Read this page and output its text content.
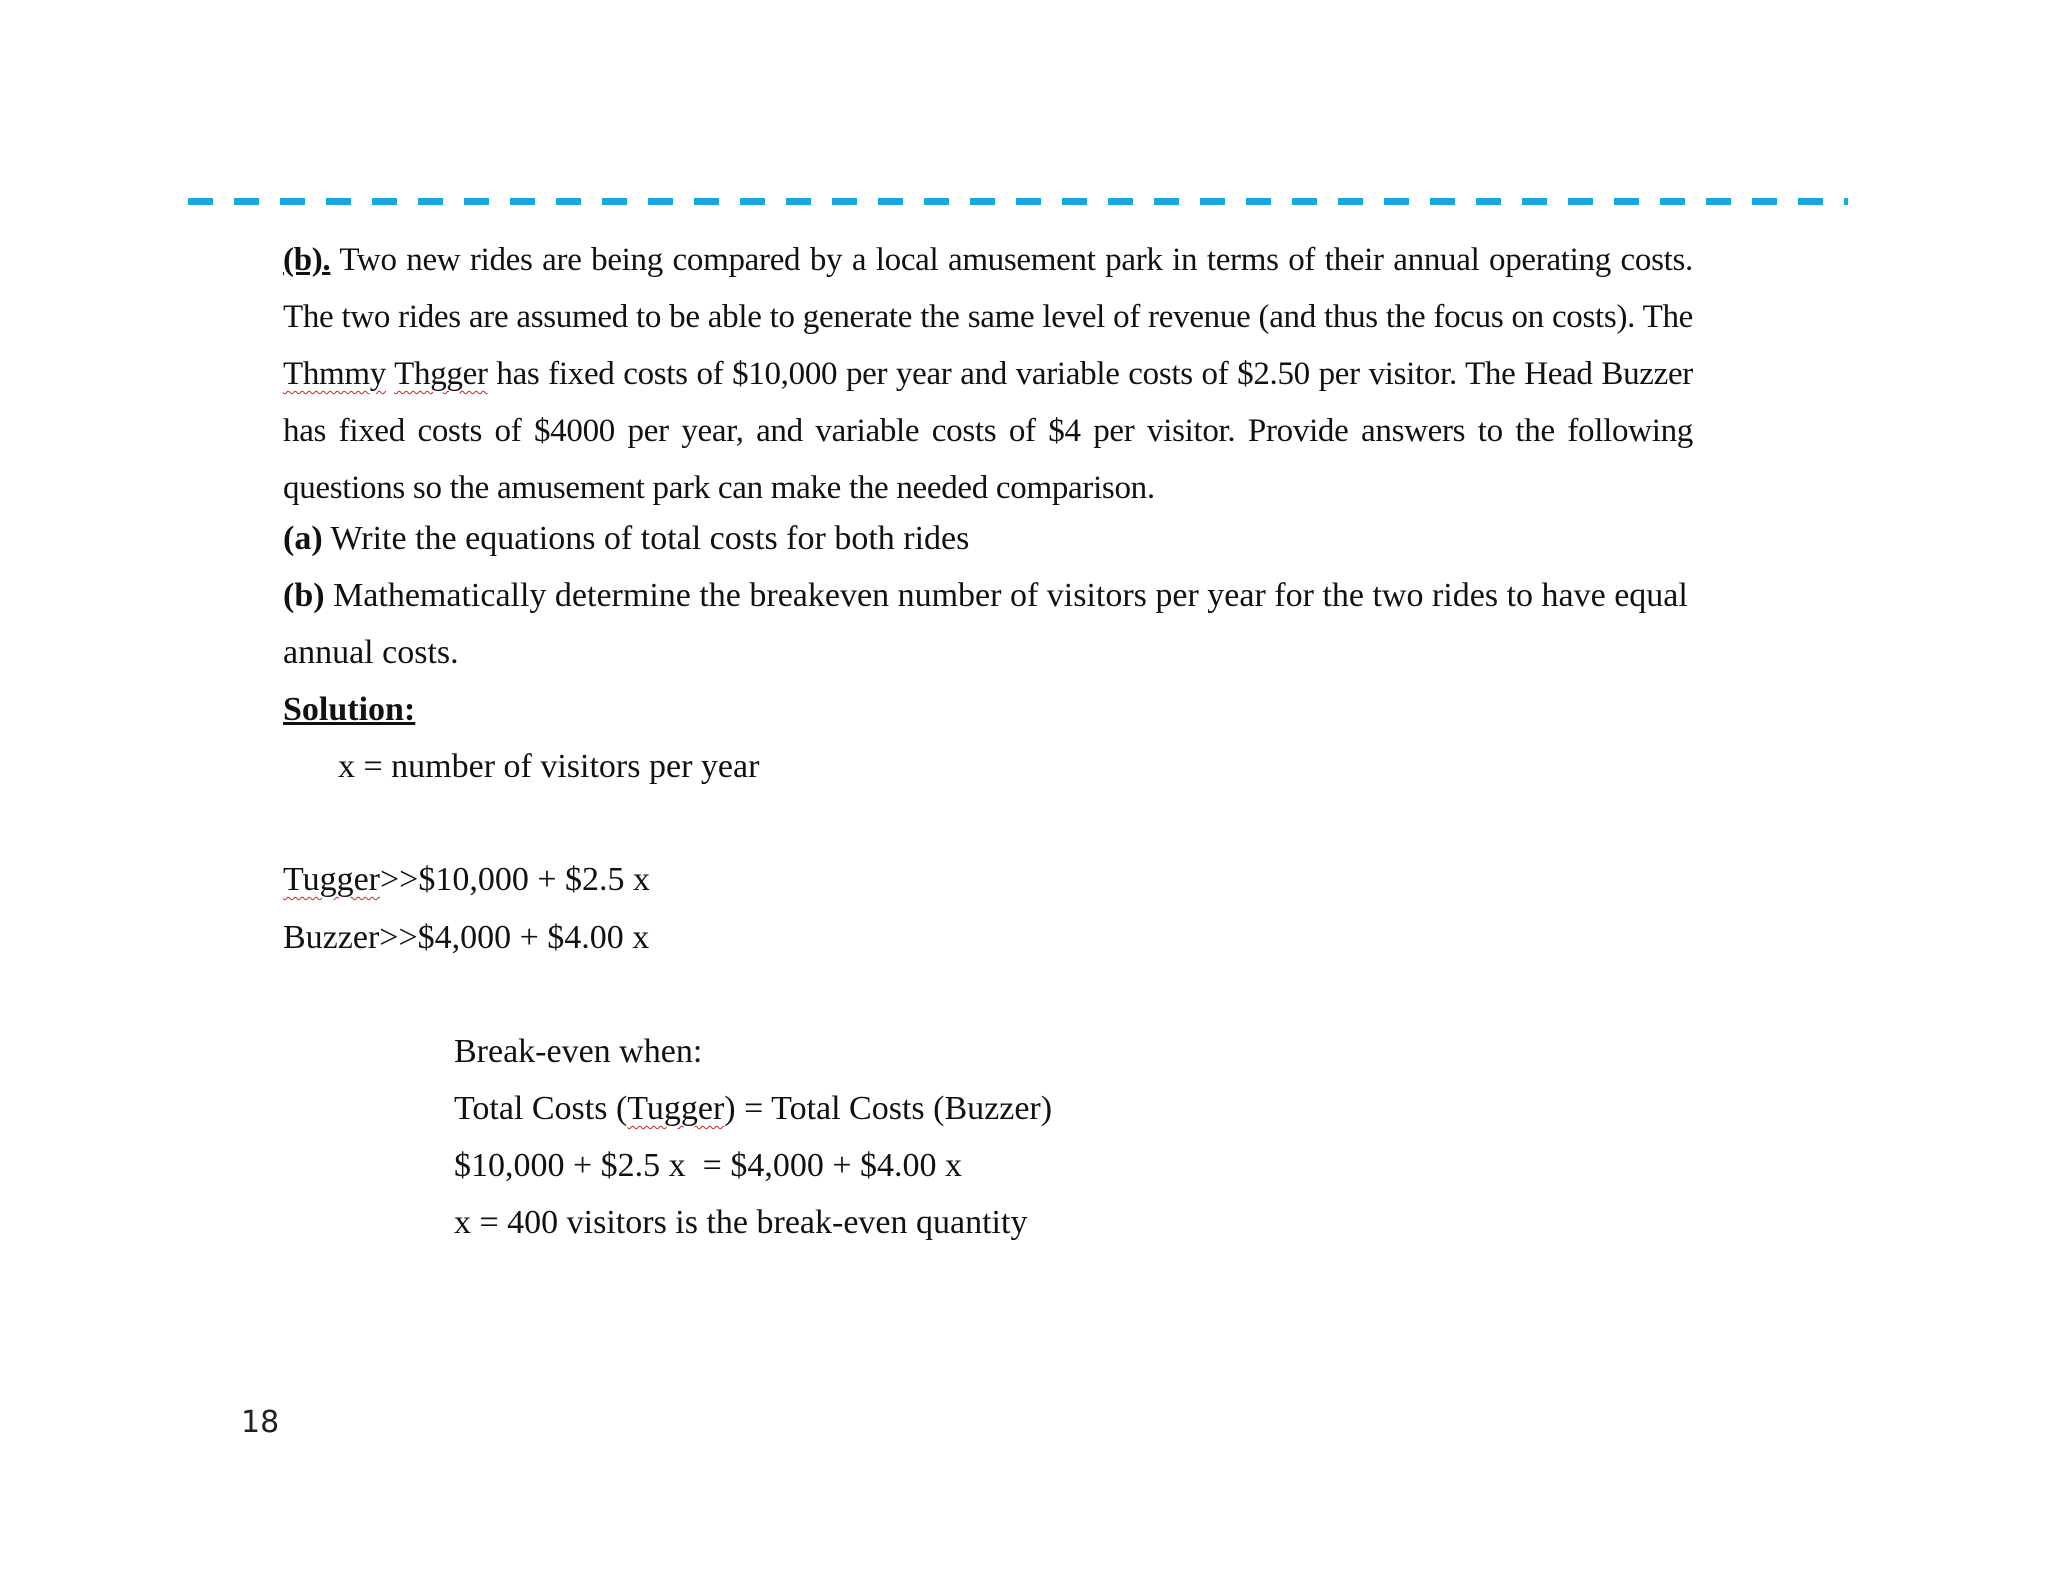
(b). Two new rides are being compared by a local amusement park in terms of their annual operating costs. The two rides are assumed to be able to generate the same level of revenue (and thus the focus on costs). The Thmmy Thgger has fixed costs of $10,000 per year and variable costs of $2.50 per visitor. The Head Buzzer has fixed costs of $4000 per year, and variable costs of $4 per visitor. Provide answers to the following questions so the amusement park can make the needed comparison.
(a) Write the equations of total costs for both rides
(b) Mathematically determine the breakeven number of visitors per year for the two rides to have equal
annual costs.
Solution:
x = number of visitors per year
Tugger>>$10,000 + $2.5 x
Buzzer>>$4,000 + $4.00 x
Break-even when:
Total Costs (Tugger) = Total Costs (Buzzer)
$10,000 + $2.5 x  = $4,000 + $4.00 x
x = 400 visitors is the break-even quantity
18
